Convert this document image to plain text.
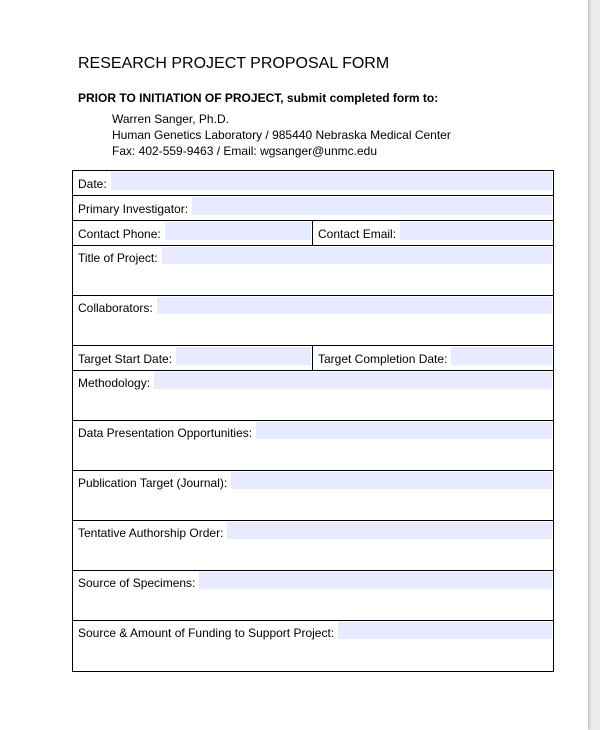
RESEARCH PROJECT PROPOSAL FORM
PRIOR TO INITIATION OF PROJECT, submit completed form to:
Warren Sanger, Ph.D.
Human Genetics Laboratory / 985440 Nebraska Medical Center
Fax: 402-559-9463 / Email: wgsanger@unmc.edu
Date:	

Primary Investigator:	

Contact Phone:	Contact Email:

Title of Project:	

Collaborators:	

Target Start Date:	Target Completion Date:

Methodology:	

Data Presentation Opportunities:	

Publication Target (Journal):	

Tentative Authorship Order:	

Source of Specimens:	

Source & Amount of Funding to Support Project:	
